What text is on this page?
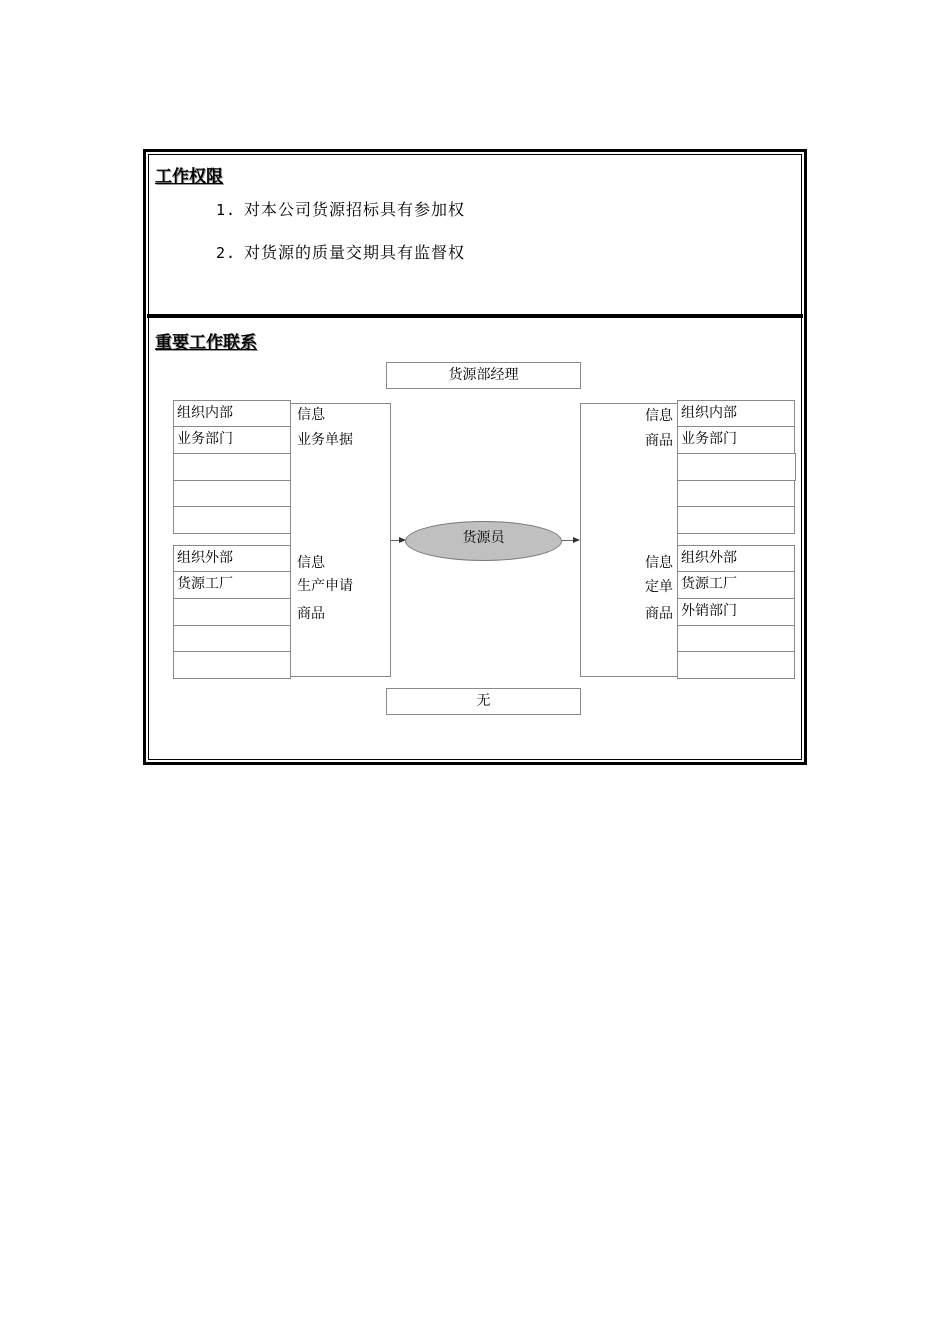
工作权限
1. 对本公司货源招标具有参加权
2. 对货源的质量交期具有监督权
重要工作联系
货源部经理
无
组织内部
业务部门
组织外部
货源工厂
组织内部
业务部门
组织外部
货源工厂
外销部门
信息
业务单据
信息
生产申请
商品
信息
商品
信息
定单
商品
货源员
